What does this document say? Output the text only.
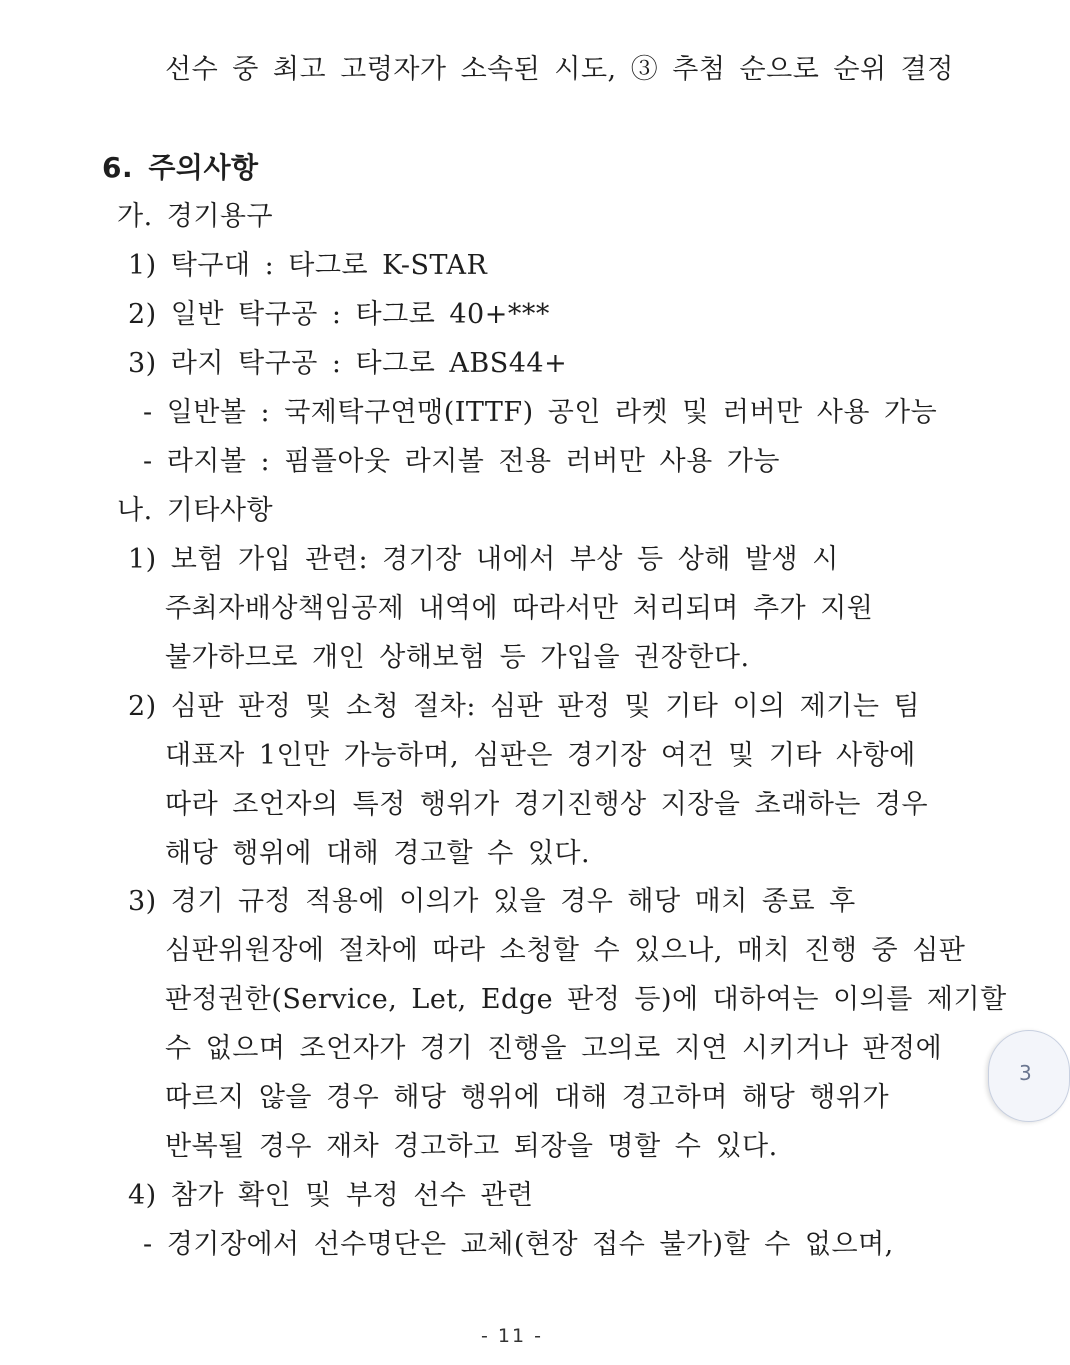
선수 중 최고 고령자가 소속된 시도, ③ 추첨 순으로 순위 결정

6. 주의사항

가. 경기용구

1) 탁구대 : 타그로 K-STAR

2) 일반 탁구공 : 타그로 40+***

3) 라지 탁구공 : 타그로 ABS44+

- 일반볼 : 국제탁구연맹(ITTF) 공인 라켓 및 러버만 사용 가능

- 라지볼 : 핌플아웃 라지볼 전용 러버만 사용 가능

나. 기타사항

1) 보험 가입 관련: 경기장 내에서 부상 등 상해 발생 시

주최자배상책임공제 내역에 따라서만 처리되며 추가 지원

불가하므로 개인 상해보험 등 가입을 권장한다.

2) 심판 판정 및 소청 절차: 심판 판정 및 기타 이의 제기는 팀

대표자 1인만 가능하며, 심판은 경기장 여건 및 기타 사항에

따라 조언자의 특정 행위가 경기진행상 지장을 초래하는 경우

해당 행위에 대해 경고할 수 있다.

3) 경기 규정 적용에 이의가 있을 경우 해당 매치 종료 후

심판위원장에 절차에 따라 소청할 수 있으나, 매치 진행 중 심판

판정권한(Service, Let, Edge 판정 등)에 대하여는 이의를 제기할

수 없으며 조언자가 경기 진행을 고의로 지연 시키거나 판정에

따르지 않을 경우 해당 행위에 대해 경고하며 해당 행위가

반복될 경우 재차 경고하고 퇴장을 명할 수 있다.

4) 참가 확인 및 부정 선수 관련

- 경기장에서 선수명단은 교체(현장 접수 불가)할 수 없으며,

- 11 -
3
